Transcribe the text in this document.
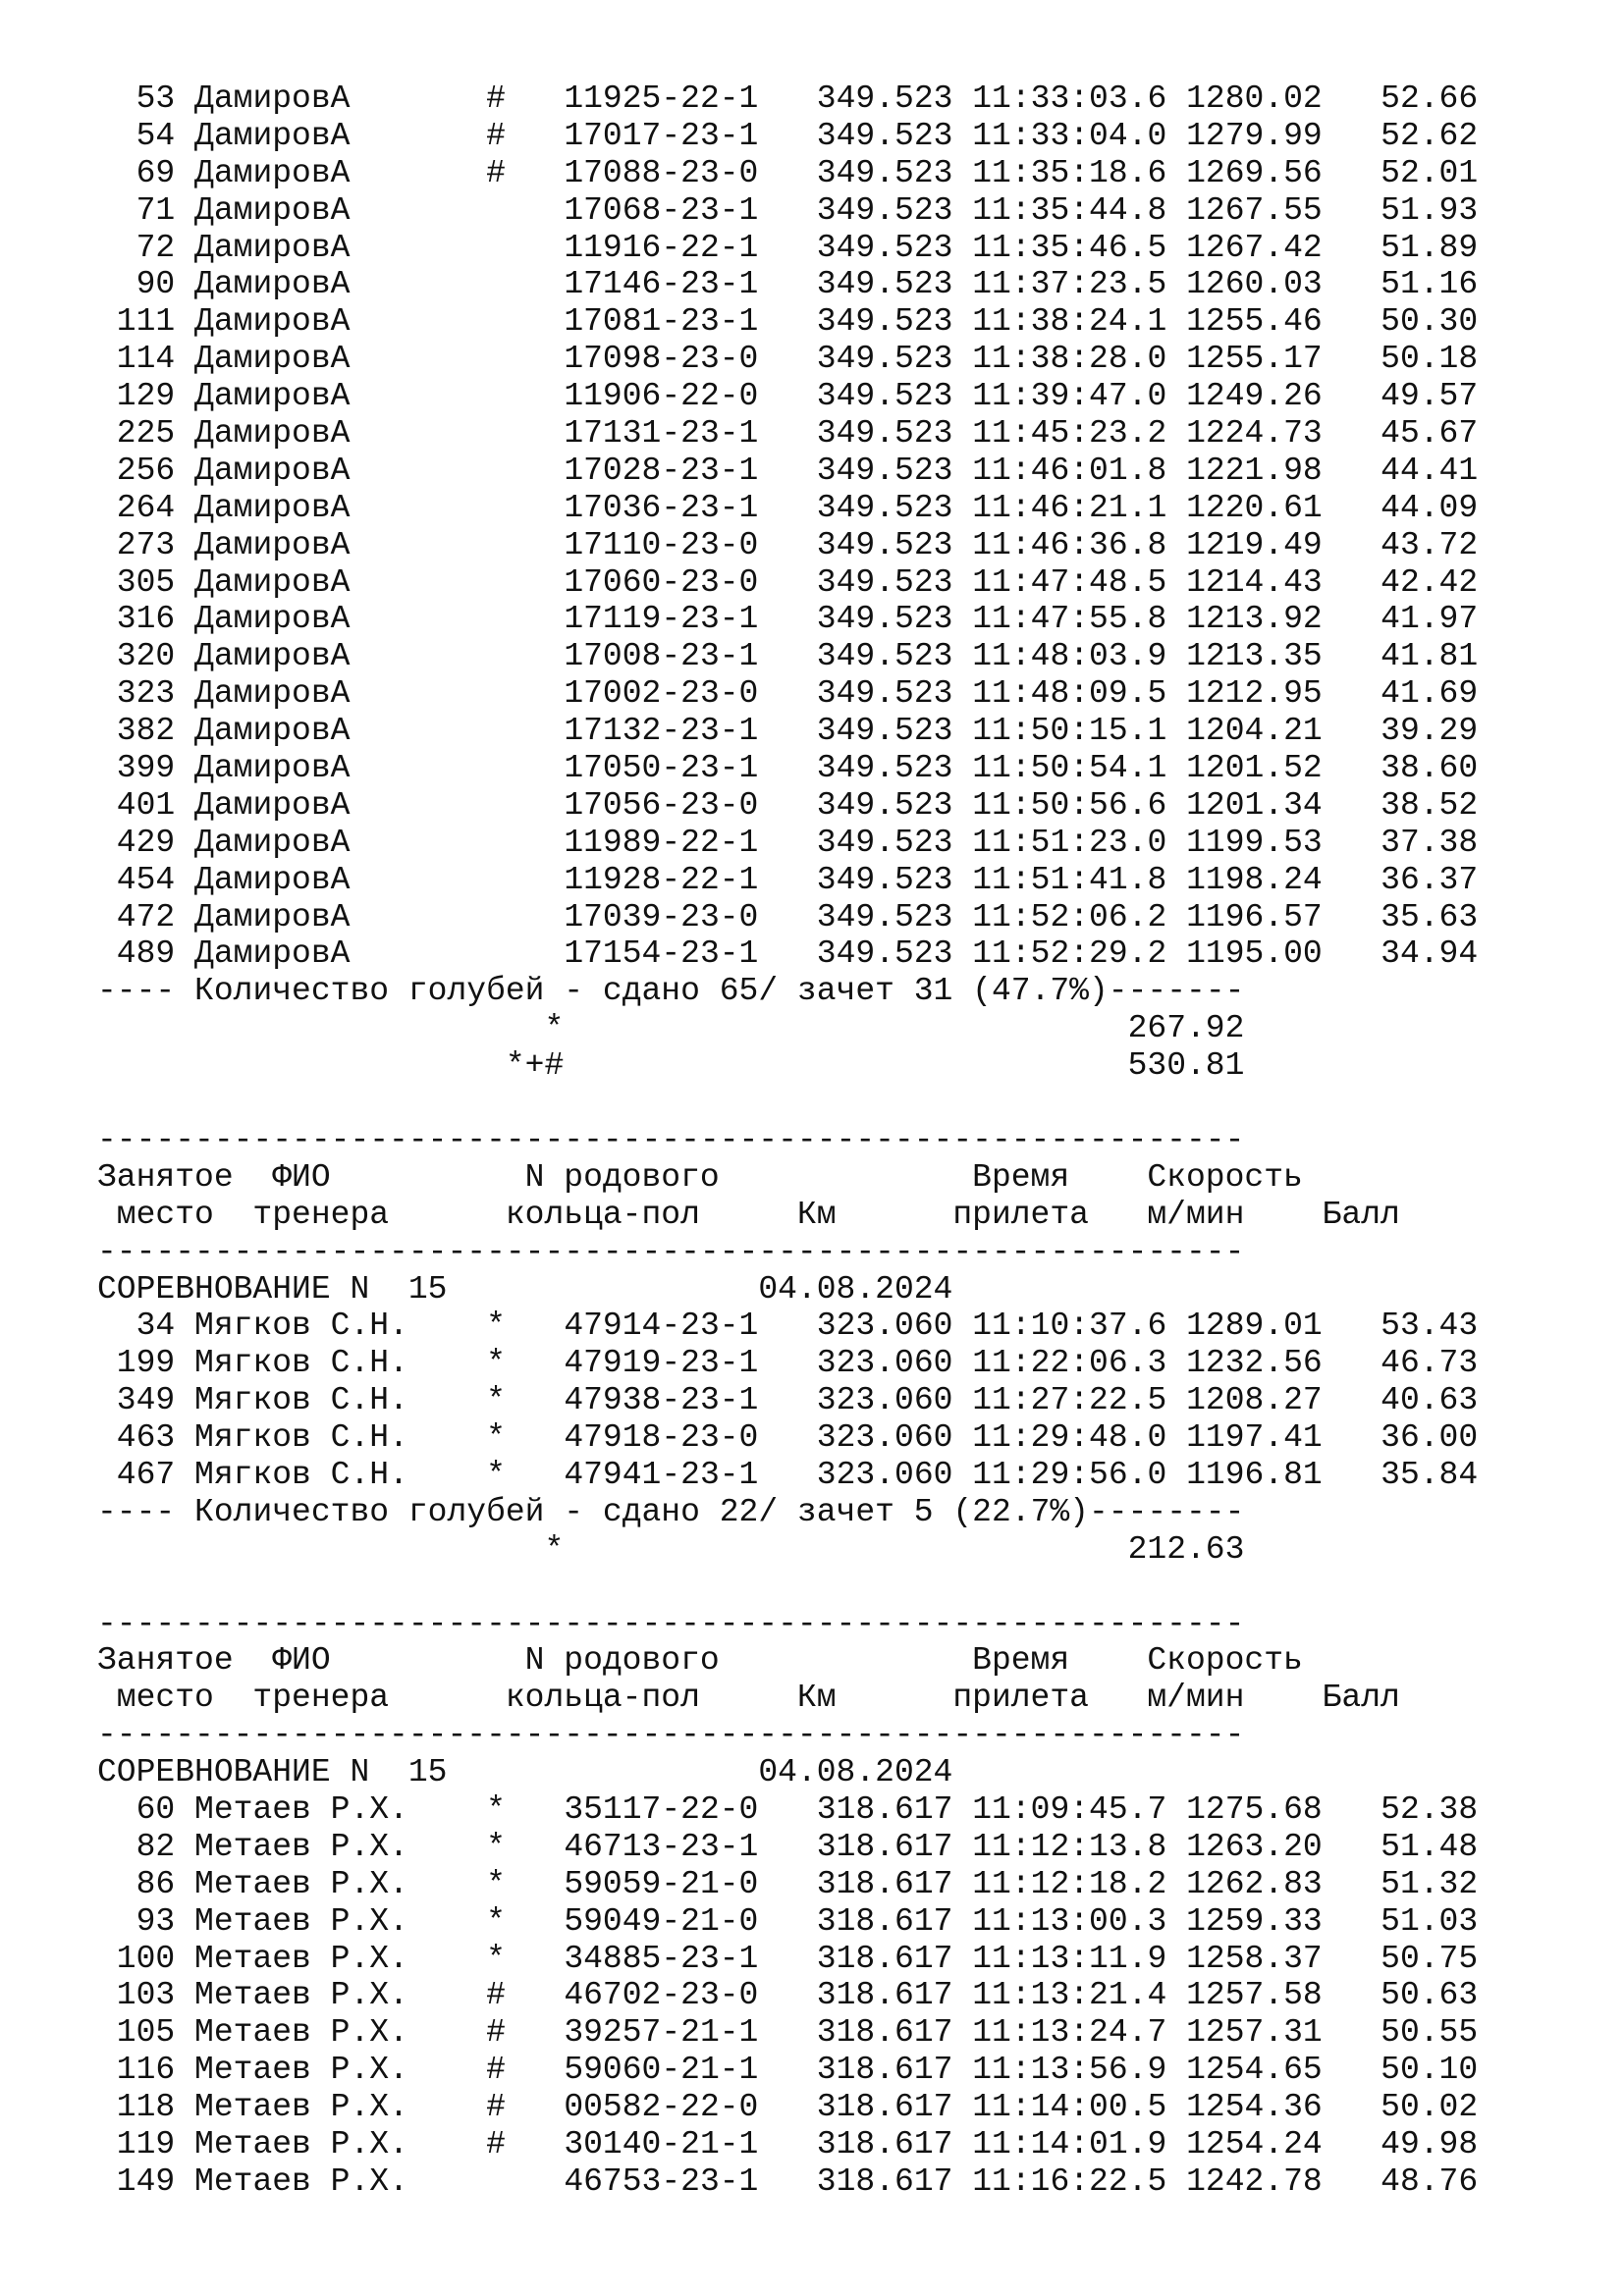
53 ДамировА       # 11925-22-1 349.523 11:33:03.6 1280.02 52.66
54 ДамировА       # 17017-23-1 349.523 11:33:04.0 1279.99 52.62
69 ДамировА       # 17088-23-0 349.523 11:35:18.6 1269.56 52.01
71 ДамировА	17068-23-1 349.523 11:35:44.8 1267.55 51.93
72 ДамировА	11916-22-1 349.523 11:35:46.5 1267.42 51.89
90 ДамировА	17146-23-1 349.523 11:37:23.5 1260.03 51.16
111 ДамировА	17081-23-1 349.523 11:38:24.1 1255.46 50.30
114 ДамировА	17098-23-0 349.523 11:38:28.0 1255.17 50.18
129 ДамировА	11906-22-0 349.523 11:39:47.0 1249.26 49.57
225 ДамировА	17131-23-1 349.523 11:45:23.2 1224.73 45.67
256 ДамировА	17028-23-1 349.523 11:46:01.8 1221.98 44.41
264 ДамировА	17036-23-1 349.523 11:46:21.1 1220.61 44.09
273 ДамировА	17110-23-0 349.523 11:46:36.8 1219.49 43.72
305 ДамировА	17060-23-0 349.523 11:47:48.5 1214.43 42.42
316 ДамировА	17119-23-1 349.523 11:47:55.8 1213.92 41.97
320 ДамировА	17008-23-1 349.523 11:48:03.9 1213.35 41.81
323 ДамировА	17002-23-0 349.523 11:48:09.5 1212.95 41.69
382 ДамировА	17132-23-1 349.523 11:50:15.1 1204.21 39.29
399 ДамировА	17050-23-1 349.523 11:50:54.1 1201.52 38.60
401 ДамировА	17056-23-0 349.523 11:50:56.6 1201.34 38.52
429 ДамировА	11989-22-1 349.523 11:51:23.0 1199.53 37.38
454 ДамировА	11928-22-1 349.523 11:51:41.8 1198.24 36.37
472 ДамировА	17039-23-0 349.523 11:52:06.2 1196.57 35.63
489 ДамировА	17154-23-1 349.523 11:52:29.2 1195.00 34.94
---- Количество голубей - сдано 65/ зачет 31 (47.7%)-------
*	267.92
*+#	530.81
-----------------------------------------------------------
Занятое  ФИО          N родового             Время    Скорость
место  тренера      кольца-пол     Км      прилета   м/мин    Балл
-----------------------------------------------------------
СОРЕВНОВАНИЕ N  15	04.08.2024
34 Мягков С.Н.    * 47914-23-1 323.060 11:10:37.6 1289.01 53.43
199 Мягков С.Н.    * 47919-23-1 323.060 11:22:06.3 1232.56 46.73
349 Мягков С.Н.    * 47938-23-1 323.060 11:27:22.5 1208.27 40.63
463 Мягков С.Н.    * 47918-23-0 323.060 11:29:48.0 1197.41 36.00
467 Мягков С.Н.    * 47941-23-1 323.060 11:29:56.0 1196.81 35.84
---- Количество голубей - сдано 22/ зачет 5 (22.7%)--------
*	212.63
-----------------------------------------------------------
Занятое  ФИО          N родового             Время    Скорость
место  тренера      кольца-пол     Км      прилета   м/мин    Балл
-----------------------------------------------------------
СОРЕВНОВАНИЕ N  15	04.08.2024
60 Метаев Р.Х.    * 35117-22-0 318.617 11:09:45.7 1275.68 52.38
82 Метаев Р.Х.    * 46713-23-1 318.617 11:12:13.8 1263.20 51.48
86 Метаев Р.Х.    * 59059-21-0 318.617 11:12:18.2 1262.83 51.32
93 Метаев Р.Х.    * 59049-21-0 318.617 11:13:00.3 1259.33 51.03
100 Метаев Р.Х.    * 34885-23-1 318.617 11:13:11.9 1258.37 50.75
103 Метаев Р.Х.    # 46702-23-0 318.617 11:13:21.4 1257.58 50.63
105 Метаев Р.Х.    # 39257-21-1 318.617 11:13:24.7 1257.31 50.55
116 Метаев Р.Х.    # 59060-21-1 318.617 11:13:56.9 1254.65 50.10
118 Метаев Р.Х.    # 00582-22-0 318.617 11:14:00.5 1254.36 50.02
119 Метаев Р.Х.    # 30140-21-1 318.617 11:14:01.9 1254.24 49.98
149 Метаев Р.Х.	46753-23-1 318.617 11:16:22.5 1242.78 48.76
